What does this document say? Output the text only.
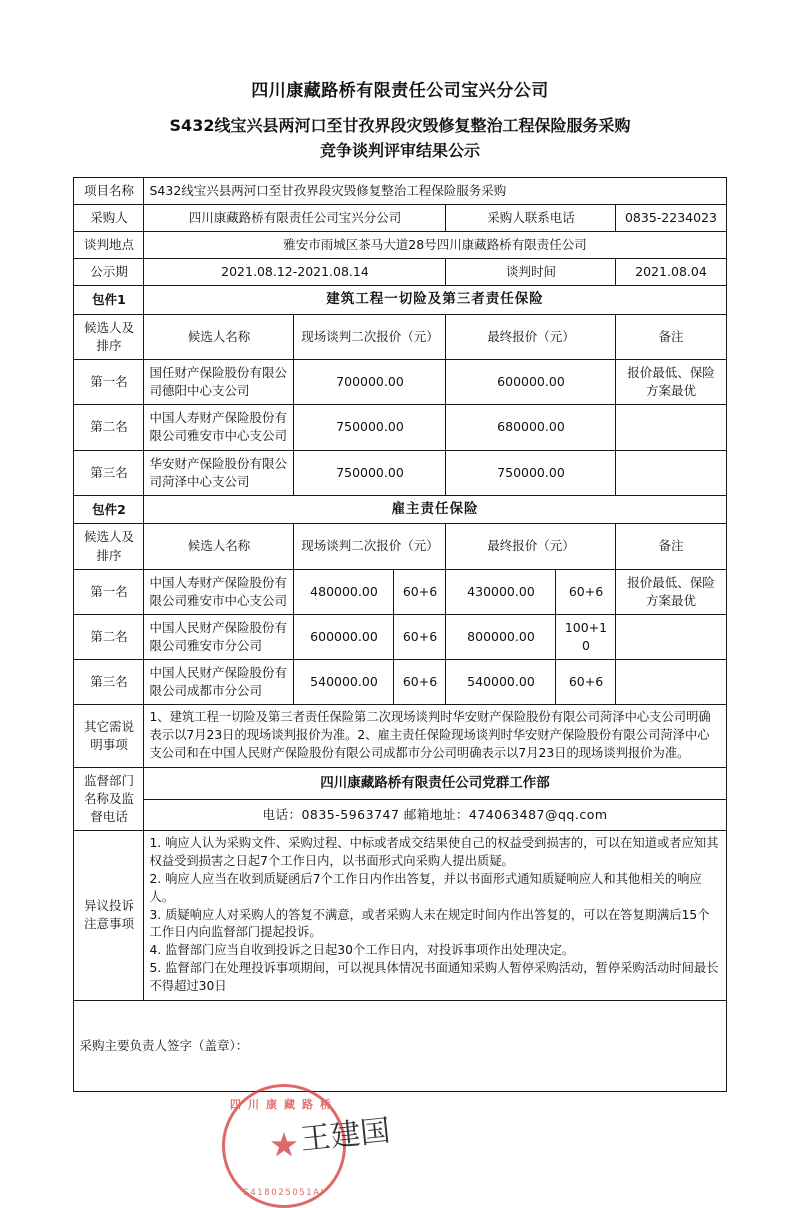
四川康藏路桥有限责任公司宝兴分公司
S432线宝兴县两河口至甘孜界段灾毁修复整治工程保险服务采购
竞争谈判评审结果公示
项目名称	S432线宝兴县两河口至甘孜界段灾毁修复整治工程保险服务采购					
采购人	四川康藏路桥有限责任公司宝兴分公司			采购人联系电话		0835-2234023
谈判地点	雅安市雨城区茶马大道28号四川康藏路桥有限责任公司					
公示期	2021.08.12-2021.08.14			谈判时间		2021.08.04
包件1	建筑工程一切险及第三者责任保险					
候选人及排序	候选人名称	现场谈判二次报价（元）		最终报价（元）		备注
第一名	国任财产保险股份有限公司德阳中心支公司	700000.00		600000.00		报价最低、保险方案最优
第二名	中国人寿财产保险股份有限公司雅安市中心支公司	750000.00		680000.00		
第三名	华安财产保险股份有限公司菏泽中心支公司	750000.00		750000.00		
包件2	雇主责任保险					
候选人及排序	候选人名称	现场谈判二次报价（元）		最终报价（元）		备注
第一名	中国人寿财产保险股份有限公司雅安市中心支公司	480000.00	60+6	430000.00	60+6	报价最低、保险方案最优
第二名	中国人民财产保险股份有限公司雅安市分公司	600000.00	60+6	800000.00	100+10	
第三名	中国人民财产保险股份有限公司成都市分公司	540000.00	60+6	540000.00	60+6	
其它需说明事项	1、建筑工程一切险及第三者责任保险第二次现场谈判时华安财产保险股份有限公司菏泽中心支公司明确表示以7月23日的现场谈判报价为准。2、雇主责任保险现场谈判时华安财产保险股份有限公司菏泽中心支公司和在中国人民财产保险股份有限公司成都市分公司明确表示以7月23日的现场谈判报价为准。					
监督部门名称及监督电话	四川康藏路桥有限责任公司党群工作部					
	电话：0835-5963747 邮箱地址：474063487@qq.com					
异议投诉注意事项	1. 响应人认为采购文件、采购过程、中标或者成交结果使自己的权益受到损害的，可以在知道或者应知其权益受到损害之日起7个工作日内，以书面形式向采购人提出质疑。

2. 响应人应当在收到质疑函后7个工作日内作出答复，并以书面形式通知质疑响应人和其他相关的响应人。

3. 质疑响应人对采购人的答复不满意，或者采购人未在规定时间内作出答复的，可以在答复期满后15个工作日内向监督部门提起投诉。

4. 监督部门应当自收到投诉之日起30个工作日内，对投诉事项作出处理决定。

5. 监督部门在处理投诉事项期间，可以视具体情况书面通知采购人暂停采购活动，暂停采购活动时间最长不得超过30日					

采购主要负责人签字（盖章）：						
四川康藏路桥
★
S418025051AI
王建国
